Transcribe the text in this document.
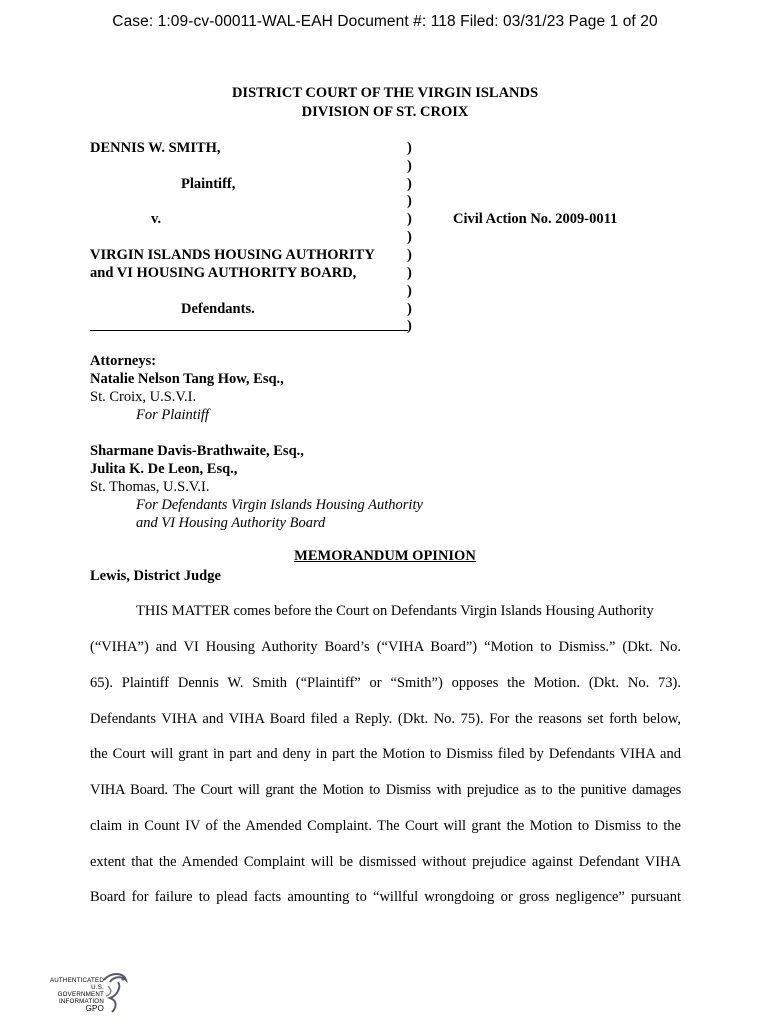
Case: 1:09-cv-00011-WAL-EAH Document #: 118 Filed: 03/31/23 Page 1 of 20
DISTRICT COURT OF THE VIRGIN ISLANDS
DIVISION OF ST. CROIX
DENNIS W. SMITH,
Plaintiff,
v.
VIRGIN ISLANDS HOUSING AUTHORITY
and VI HOUSING AUTHORITY BOARD,
Defendants.
)
)
)
)
)
)
)
)
)
)
)
Civil Action No. 2009-0011
Attorneys:
Natalie Nelson Tang How, Esq.,
St. Croix, U.S.V.I.
For Plaintiff
Sharmane Davis-Brathwaite, Esq.,
Julita K. De Leon, Esq.,
St. Thomas, U.S.V.I.
For Defendants Virgin Islands Housing Authority
and VI Housing Authority Board
MEMORANDUM OPINION
Lewis, District Judge
THIS MATTER comes before the Court on Defendants Virgin Islands Housing Authority
(“VIHA”) and VI Housing Authority Board’s (“VIHA Board”) “Motion to Dismiss.” (Dkt. No.
65). Plaintiff Dennis W. Smith (“Plaintiff” or “Smith”) opposes the Motion. (Dkt. No. 73).
Defendants VIHA and VIHA Board filed a Reply. (Dkt. No. 75). For the reasons set forth below,
the Court will grant in part and deny in part the Motion to Dismiss filed by Defendants VIHA and
VIHA Board. The Court will grant the Motion to Dismiss with prejudice as to the punitive damages
claim in Count IV of the Amended Complaint. The Court will grant the Motion to Dismiss to the
extent that the Amended Complaint will be dismissed without prejudice against Defendant VIHA
Board for failure to plead facts amounting to “willful wrongdoing or gross negligence” pursuant
AUTHENTICATED
U.S. GOVERNMENT
INFORMATION
GPO
